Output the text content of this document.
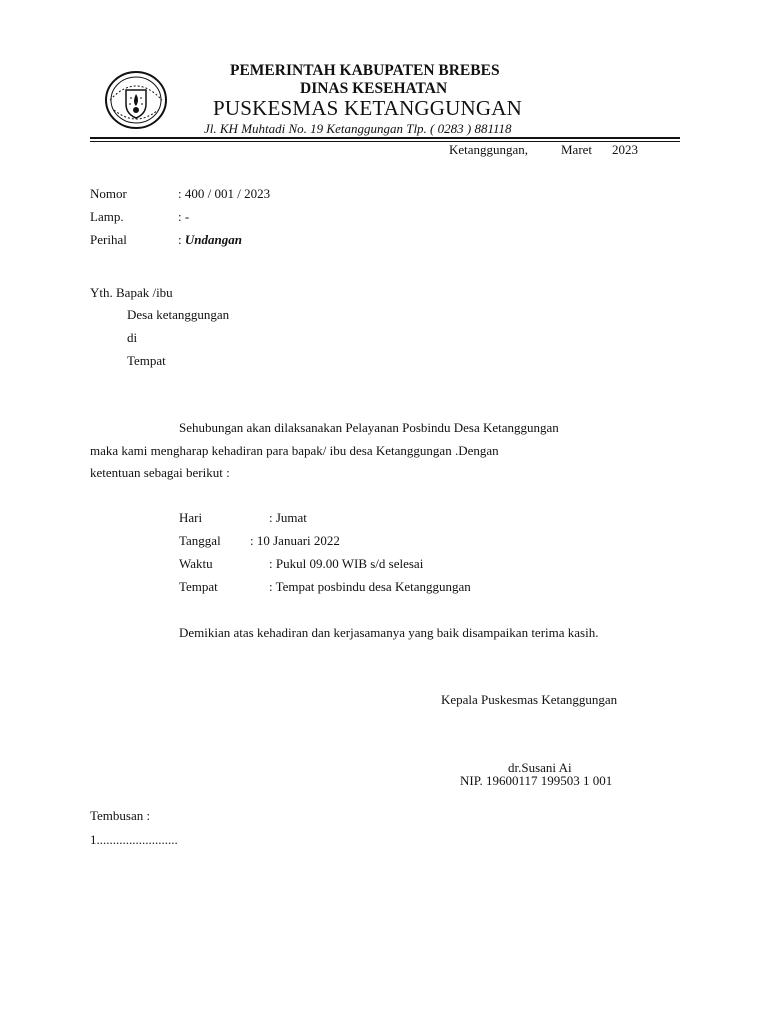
PEMERINTAH KABUPATEN BREBES
DINAS KESEHATAN
PUSKESMAS KETANGGUNGAN
Jl. KH Muhtadi No. 19 Ketanggungan Tlp. ( 0283 ) 881118
Ketanggungan,	Maret 2023
Nomor	: 400 / 001 / 2023
Lamp.	: -
Perihal	: Undangan
Yth. Bapak /ibu
Desa ketanggungan
di
Tempat
Sehubungan akan dilaksanakan Pelayanan Posbindu Desa Ketanggungan
maka kami mengharap kehadiran para bapak/ ibu desa Ketanggungan .Dengan
ketentuan sebagai berikut :
Hari	: Jumat
Tanggal : 10 Januari 2022
Waktu	: Pukul 09.00 WIB s/d selesai
Tempat	: Tempat posbindu desa Ketanggungan
Demikian atas kehadiran dan kerjasamanya yang baik disampaikan terima kasih.
Kepala Puskesmas Ketanggungan
dr.Susani Ai
NIP. 19600117 199503 1 001
Tembusan :
1.........................
